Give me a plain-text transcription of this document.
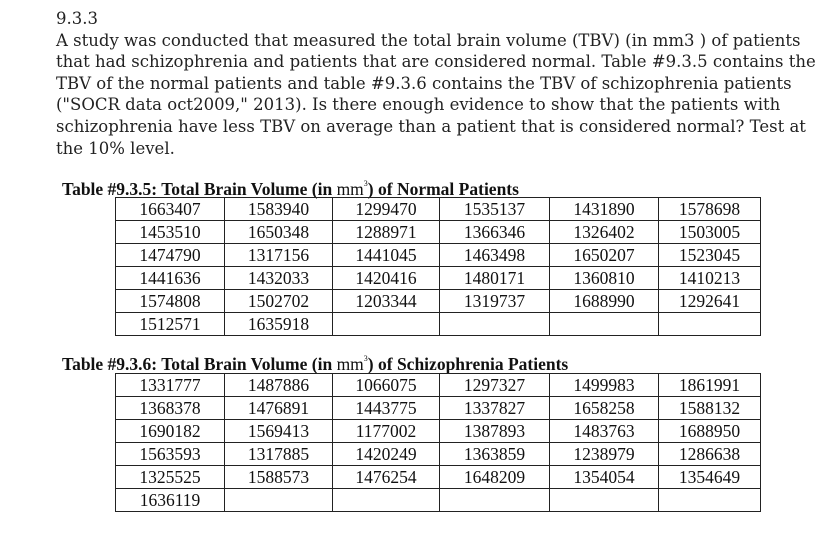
9.3.3
A study was conducted that measured the total brain volume (TBV) (in mm3 ) of patients that had schizophrenia and patients that are considered normal. Table #9.3.5 contains the TBV of the normal patients and table #9.3.6 contains the TBV of schizophrenia patients ("SOCR data oct2009," 2013). Is there enough evidence to show that the patients with schizophrenia have less TBV on average than a patient that is considered normal? Test at the 10% level.
Table #9.3.5: Total Brain Volume (in $mm^3$) of Normal Patients
1663407	1583940	1299470	1535137	1431890	1578698
1453510	1650348	1288971	1366346	1326402	1503005
1474790	1317156	1441045	1463498	1650207	1523045
1441636	1432033	1420416	1480171	1360810	1410213
1574808	1502702	1203344	1319737	1688990	1292641
1512571	1635918				
Table #9.3.6: Total Brain Volume (in $mm^3$) of Schizophrenia Patients
1331777	1487886	1066075	1297327	1499983	1861991
1368378	1476891	1443775	1337827	1658258	1588132
1690182	1569413	1177002	1387893	1483763	1688950
1563593	1317885	1420249	1363859	1238979	1286638
1325525	1588573	1476254	1648209	1354054	1354649
1636119					
